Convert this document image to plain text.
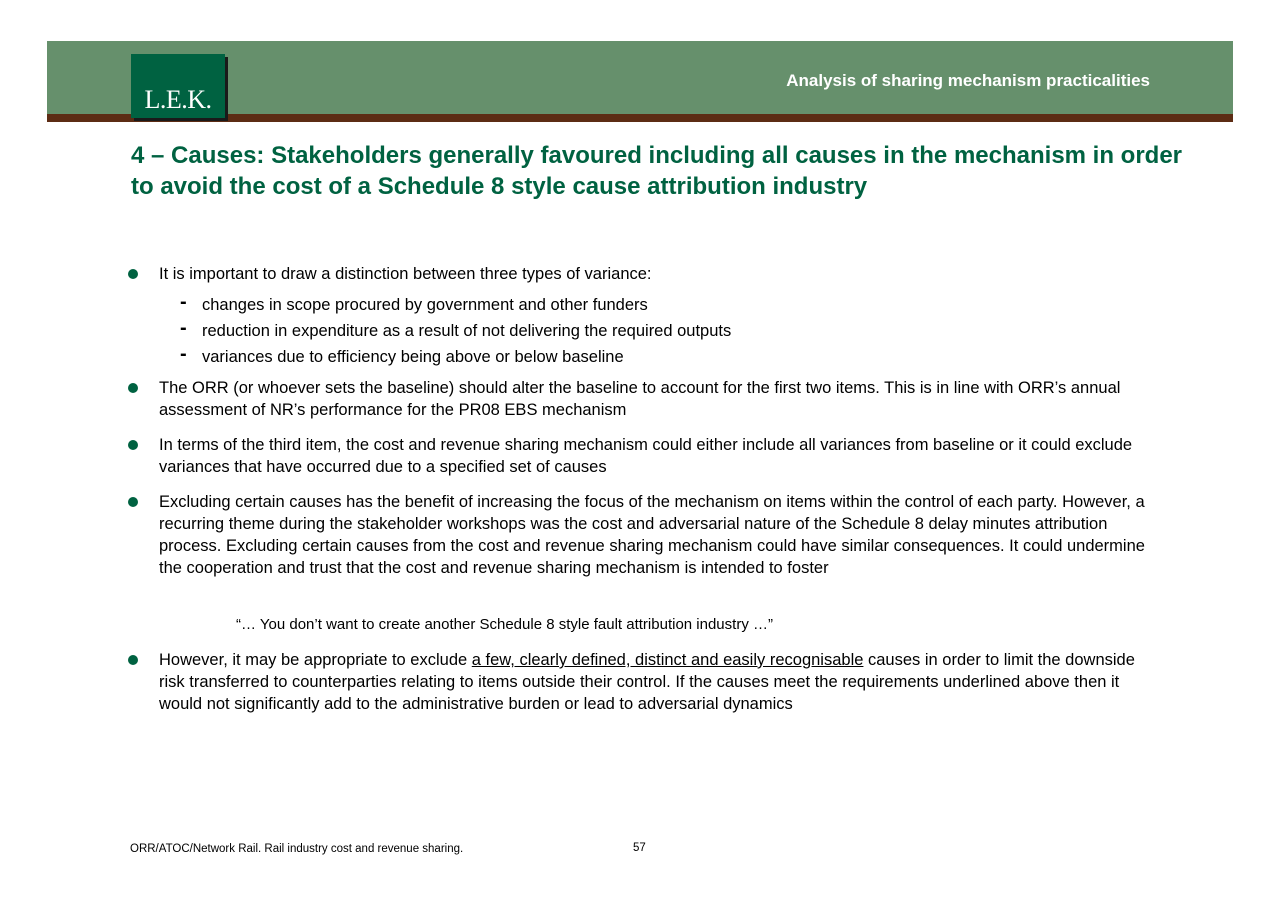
L.E.K.
Analysis of sharing mechanism practicalities
4 – Causes: Stakeholders generally favoured including all causes in the mechanism in order to avoid the cost of a Schedule 8 style cause attribution industry
It is important to draw a distinction between three types of variance:
- changes in scope procured by government and other funders
- reduction in expenditure as a result of not delivering the required outputs
- variances due to efficiency being above or below baseline
The ORR (or whoever sets the baseline) should alter the baseline to account for the first two items. This is in line with ORR’s annual assessment of NR’s performance for the PR08 EBS mechanism
In terms of the third item, the cost and revenue sharing mechanism could either include all variances from baseline or it could exclude variances that have occurred due to a specified set of causes
Excluding certain causes has the benefit of increasing the focus of the mechanism on items within the control of each party. However, a recurring theme during the stakeholder workshops was the cost and adversarial nature of the Schedule 8 delay minutes attribution process. Excluding certain causes from the cost and revenue sharing mechanism could have similar consequences. It could undermine the cooperation and trust that the cost and revenue sharing mechanism is intended to foster
“… You don’t want to create another Schedule 8 style fault attribution industry …”
However, it may be appropriate to exclude a few, clearly defined, distinct and easily recognisable causes in order to limit the downside risk transferred to counterparties relating to items outside their control. If the causes meet the requirements underlined above then it would not significantly add to the administrative burden or lead to adversarial dynamics
ORR/ATOC/Network Rail. Rail industry cost and revenue sharing.	57
